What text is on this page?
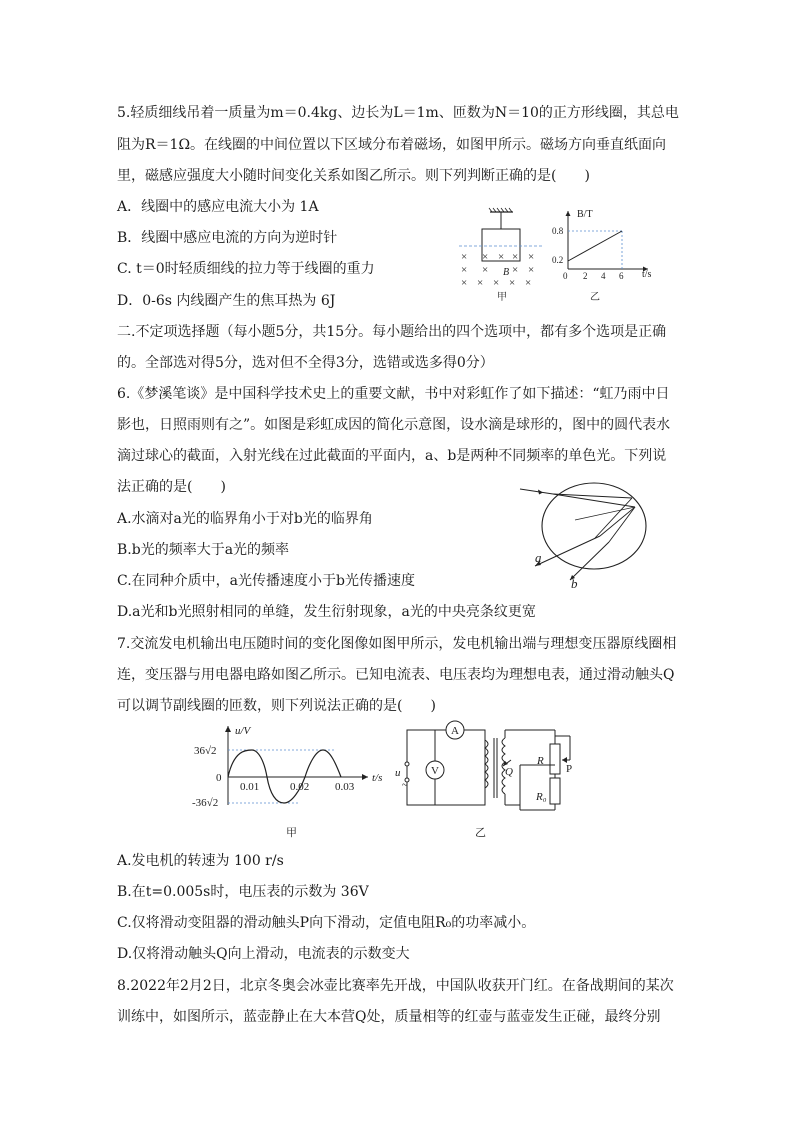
5.轻质细线吊着一质量为m＝0.4kg、边长为L＝1m、匝数为N＝10的正方形线圈，其总电
阻为R＝1Ω。在线圈的中间位置以下区域分布着磁场，如图甲所示。磁场方向垂直纸面向
里，磁感应强度大小随时间变化关系如图乙所示。则下列判断正确的是(　　)
A．线圈中的感应电流大小为 1A
B．线圈中感应电流的方向为逆时针
C. t＝0时轻质细线的拉力等于线圈的重力
D．0-6s 内线圈产生的焦耳热为 6J
× × × × ×
× × × ×
× × × × ×
B
甲
B/T
t/s
0.8
0.2
0 2 4 6
乙
二.不定项选择题（每小题5分，共15分。每小题给出的四个选项中，都有多个选项是正确
的。全部选对得5分，选对但不全得3分，选错或选多得0分）
6.《梦溪笔谈》是中国科学技术史上的重要文献，书中对彩虹作了如下描述：“虹乃雨中日
影也，日照雨则有之”。如图是彩虹成因的简化示意图，设水滴是球形的，图中的圆代表水
滴过球心的截面，入射光线在过此截面的平面内，a、b是两种不同频率的单色光。下列说
法正确的是(　　)
A.水滴对a光的临界角小于对b光的临界角
B.b光的频率大于a光的频率
C.在同种介质中，a光传播速度小于b光传播速度
D.a光和b光照射相同的单缝，发生衍射现象，a光的中央亮条纹更宽
a
b
7.交流发电机输出电压随时间的变化图像如图甲所示，发电机输出端与理想变压器原线圈相
连，变压器与用电器电路如图乙所示。已知电流表、电压表均为理想电表，通过滑动触头Q
可以调节副线圈的匝数，则下列说法正确的是(　　)
u/V
t/s
36√2
0
-36√2
0.01	0.02 0.03
甲
A
V
u
~
Q
R
P
R₀
乙
A.发电机的转速为 100 r/s
B.在t=0.005s时，电压表的示数为 36V
C.仅将滑动变阻器的滑动触头P向下滑动，定值电阻R₀的功率减小。
D.仅将滑动触头Q向上滑动，电流表的示数变大
8.2022年2月2日，北京冬奥会冰壶比赛率先开战，中国队收获开门红。在备战期间的某次
训练中，如图所示，蓝壶静止在大本营Q处，质量相等的红壶与蓝壶发生正碰，最终分别
